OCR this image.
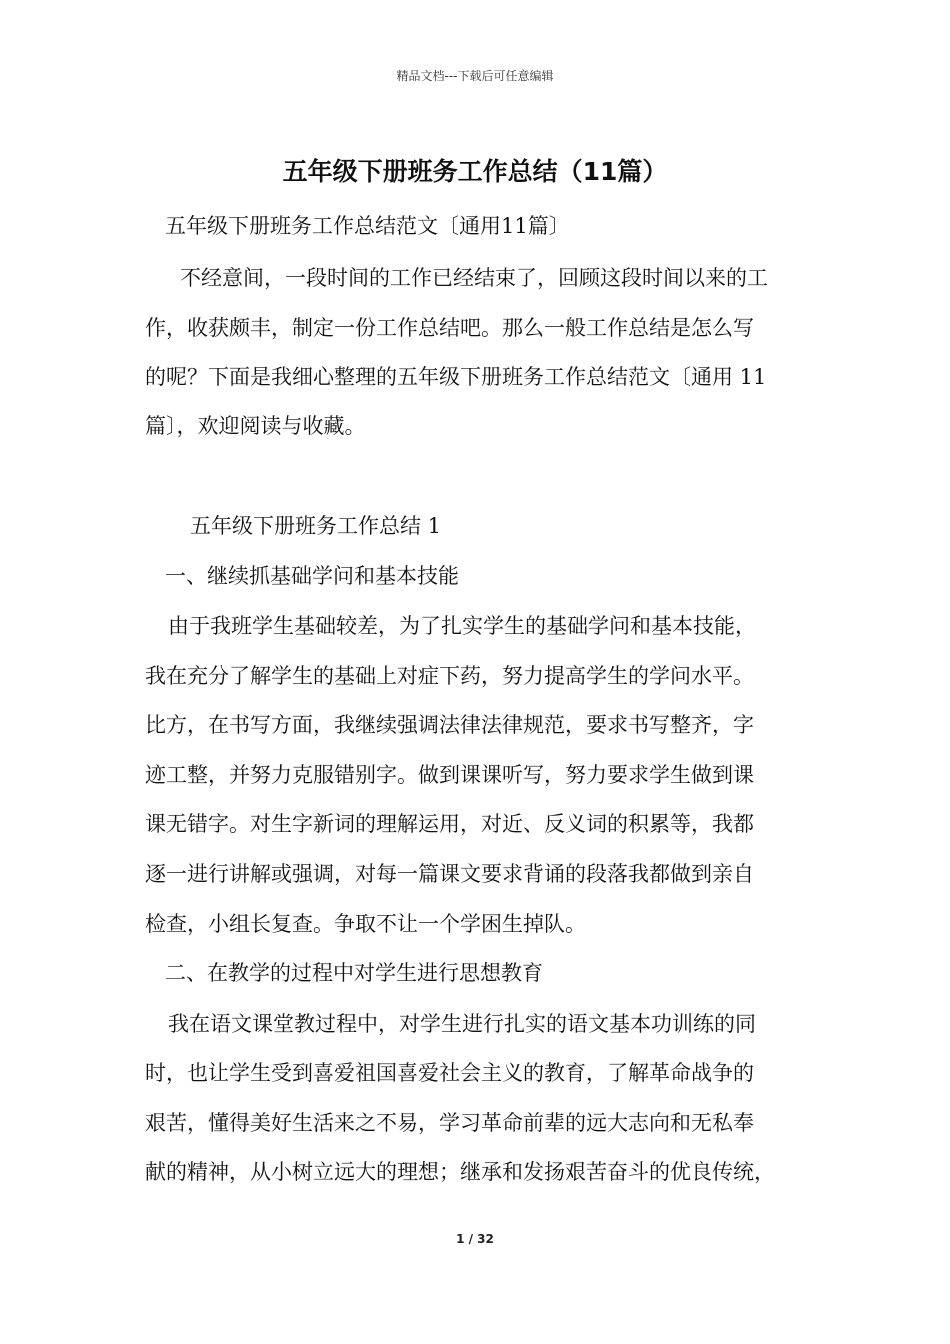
精品文档---下载后可任意编辑
五年级下册班务工作总结（11篇）
五年级下册班务工作总结范文〔通用11篇〕
不经意间，一段时间的工作已经结束了，回顾这段时间以来的工
作，收获颇丰，制定一份工作总结吧。那么一般工作总结是怎么写
的呢？下面是我细心整理的五年级下册班务工作总结范文〔通用 11
篇〕，欢迎阅读与收藏。
五年级下册班务工作总结 1
一、继续抓基础学问和基本技能
由于我班学生基础较差，为了扎实学生的基础学问和基本技能，
我在充分了解学生的基础上对症下药，努力提高学生的学问水平。
比方，在书写方面，我继续强调法律法律规范，要求书写整齐，字
迹工整，并努力克服错别字。做到课课听写，努力要求学生做到课
课无错字。对生字新词的理解运用，对近、反义词的积累等，我都
逐一进行讲解或强调，对每一篇课文要求背诵的段落我都做到亲自
检查，小组长复查。争取不让一个学困生掉队。
二、在教学的过程中对学生进行思想教育
我在语文课堂教过程中，对学生进行扎实的语文基本功训练的同
时，也让学生受到喜爱祖国喜爱社会主义的教育，了解革命战争的
艰苦，懂得美好生活来之不易，学习革命前辈的远大志向和无私奉
献的精神，从小树立远大的理想；继承和发扬艰苦奋斗的优良传统，
1 / 32
